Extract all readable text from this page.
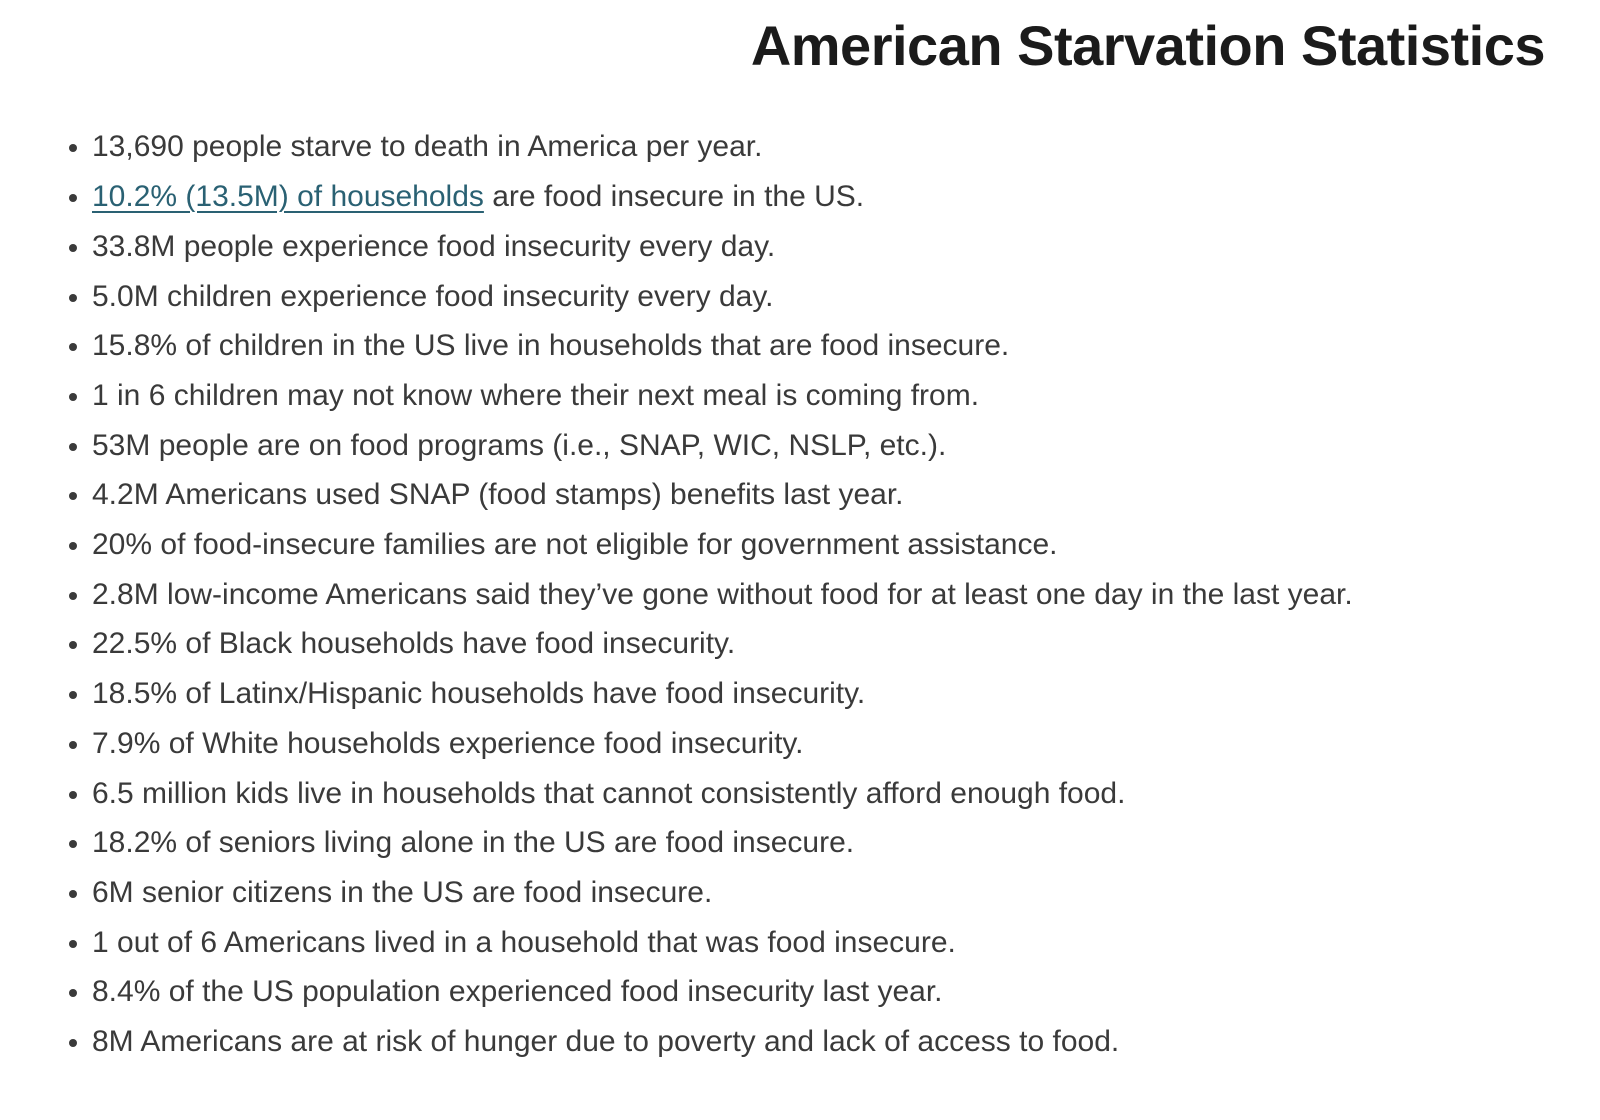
American Starvation Statistics
• 13,690 people starve to death in America per year.
• 10.2% (13.5M) of households are food insecure in the US.
• 33.8M people experience food insecurity every day.
• 5.0M children experience food insecurity every day.
• 15.8% of children in the US live in households that are food insecure.
• 1 in 6 children may not know where their next meal is coming from.
• 53M people are on food programs (i.e., SNAP, WIC, NSLP, etc.).
• 4.2M Americans used SNAP (food stamps) benefits last year.
• 20% of food-insecure families are not eligible for government assistance.
• 2.8M low-income Americans said they’ve gone without food for at least one day in the last year.
• 22.5% of Black households have food insecurity.
• 18.5% of Latinx/Hispanic households have food insecurity.
• 7.9% of White households experience food insecurity.
• 6.5 million kids live in households that cannot consistently afford enough food.
• 18.2% of seniors living alone in the US are food insecure.
• 6M senior citizens in the US are food insecure.
• 1 out of 6 Americans lived in a household that was food insecure.
• 8.4% of the US population experienced food insecurity last year.
• 8M Americans are at risk of hunger due to poverty and lack of access to food.
